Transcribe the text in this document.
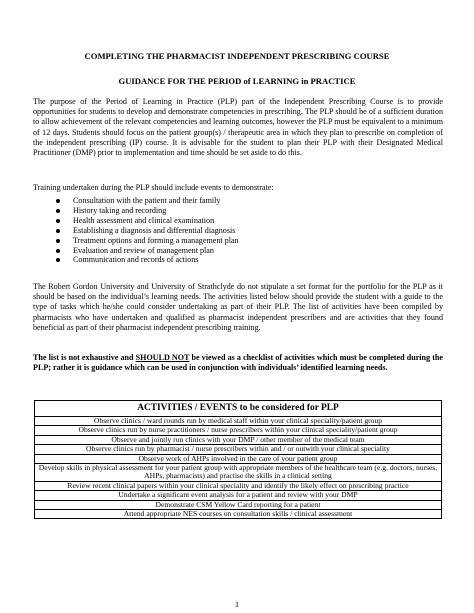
COMPLETING THE PHARMACIST INDEPENDENT PRESCRIBING COURSE
GUIDANCE FOR THE PERIOD of LEARNING in PRACTICE

The purpose of the Period of Learning in Practice (PLP) part of the Independent Prescribing Course is to provide opportunities for students to develop and demonstrate competencies in prescribing. The PLP should be of a sufficient duration to allow achievement of the relevant competencies and learning outcomes, however the PLP must be equivalent to a minimum of 12 days. Students should focus on the patient group(s) / therapeutic area in which they plan to prescribe on completion of the independent prescribing (IP) course. It is advisable for the student to plan their PLP with their Designated Medical Practitioner (DMP) prior to implementation and time should be set aside to do this.

Training undertaken during the PLP should include events to demonstrate:

Consultation with the patient and their family
History taking and recording
Health assessment and clinical examination
Establishing a diagnosis and differential diagnosis
Treatment options and forming a management plan
Evaluation and review of management plan
Communication and records of actions

The Robert Gordon University and University of Strathclyde do not stipulate a set format for the portfolio for the PLP as it should be based on the individual’s learning needs. The activities listed below should provide the student with a guide to the type of tasks which he/she could consider undertaking as part of their PLP. The list of activities have been compiled by pharmacists who have undertaken and qualified as pharmacist independent prescribers and are activities that they found beneficial as part of their pharmacist independent prescribing training.

The list is not exhaustive and SHOULD NOT be viewed as a checklist of activities which must be completed during the PLP; rather it is guidance which can be used in conjunction with individuals’ identified learning needs.

ACTIVITIES / EVENTS to be considered for PLP
Observe clinics / ward rounds run by medical staff within your clinical speciality/patient group
Observe clinics run by nurse practitioners / nurse prescribers within your clinical speciality/patient group
Observe and jointly run clinics with your DMP / other member of the medical team
Observe clinics run by pharmacist / nurse prescribers within and / or outwith your clinical speciality
Observe work of AHPs involved in the care of your patient group
Develop skills in physical assessment for your patient group with appropriate members of the healthcare team (e.g. doctors, nurses, AHPs, pharmacists) and practise the skills in a clinical setting
Review recent clinical papers within your clinical speciality and identify the likely effect on prescribing practice
Undertake a significant event analysis for a patient and review with your DMP
Demonstrate CSM Yellow Card reporting for a patient
Attend appropriate NES courses on consultation skills / clinical assessment
1
